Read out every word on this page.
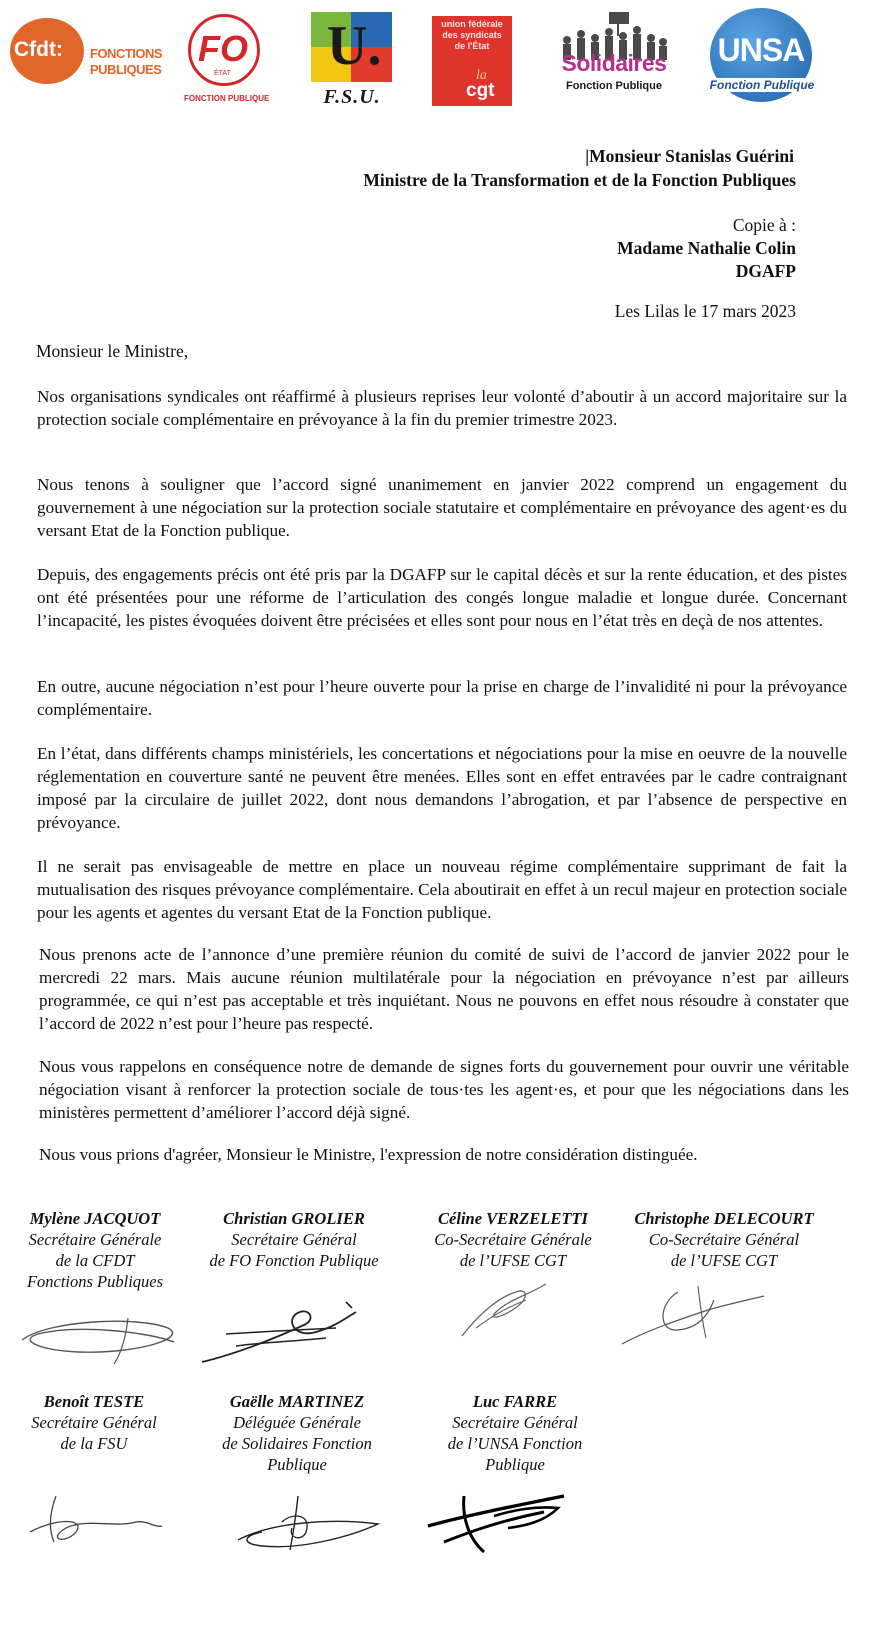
Cfdt:	FONCTIONS
PUBLIQUES
FO
ÉTAT
FONCTION PUBLIQUE
U.
F.S.U.
union fédérale
des syndicats
de l'État
la
cgt
Solidaires
Fonction Publique
UNSA
Fonction Publique
|Monsieur Stanislas Guérini
Ministre de la Transformation et de la Fonction Publiques
Copie à :
Madame Nathalie Colin
DGAFP
Les Lilas le 17 mars 2023
Monsieur le Ministre,

Nos organisations syndicales ont réaffirmé à plusieurs reprises leur volonté d’aboutir à un accord majoritaire sur la protection sociale complémentaire en prévoyance à la fin du premier trimestre 2023.

Nous tenons à souligner que l’accord signé unanimement en janvier 2022 comprend un engagement du gouvernement à une négociation sur la protection sociale statutaire et complémentaire en prévoyance des agent·es du versant Etat de la Fonction publique.

Depuis, des engagements précis ont été pris par la DGAFP sur le capital décès et sur la rente éducation, et des pistes ont été présentées pour une réforme de l’articulation des congés longue maladie et longue durée. Concernant l’incapacité, les pistes évoquées doivent être précisées et elles sont pour nous en l’état très en deçà de nos attentes.

En outre, aucune négociation n’est pour l’heure ouverte pour la prise en charge de l’invalidité ni pour la prévoyance complémentaire.

En l’état, dans différents champs ministériels, les concertations et négociations pour la mise en oeuvre de la nouvelle réglementation en couverture santé ne peuvent être menées. Elles sont en effet entravées par le cadre contraignant imposé par la circulaire de juillet 2022, dont nous demandons l’abrogation, et par l’absence de perspective en prévoyance.

Il ne serait pas envisageable de mettre en place un nouveau régime complémentaire supprimant de fait la mutualisation des risques prévoyance complémentaire. Cela aboutirait en effet à un recul majeur en protection sociale pour les agents et agentes du versant Etat de la Fonction publique.

Nous prenons acte de l’annonce d’une première réunion du comité de suivi de l’accord de janvier 2022 pour le mercredi 22 mars. Mais aucune réunion multilatérale pour la négociation en prévoyance n’est par ailleurs programmée, ce qui n’est pas acceptable et très inquiétant. Nous ne pouvons en effet nous résoudre à constater que l’accord de 2022 n’est pour l’heure pas respecté.

Nous vous rappelons en conséquence notre de demande de signes forts du gouvernement pour ouvrir une véritable négociation visant à renforcer la protection sociale de tous·tes les agent·es, et pour que les négociations dans les ministères permettent d’améliorer l’accord déjà signé.

Nous vous prions d'agréer, Monsieur le Ministre, l'expression de notre considération distinguée.

Mylène JACQUOT
Secrétaire Générale
de la CFDT
Fonctions Publiques
Christian GROLIER
Secrétaire Général
de FO Fonction Publique
Céline VERZELETTI
Co-Secrétaire Générale
de l’UFSE CGT
Christophe DELECOURT
Co-Secrétaire Général
de l’UFSE CGT
Benoît TESTE
Secrétaire Général
de la FSU
Gaëlle MARTINEZ
Déléguée Générale
de Solidaires Fonction
Publique
Luc FARRE
Secrétaire Général
de l’UNSA Fonction
Publique
